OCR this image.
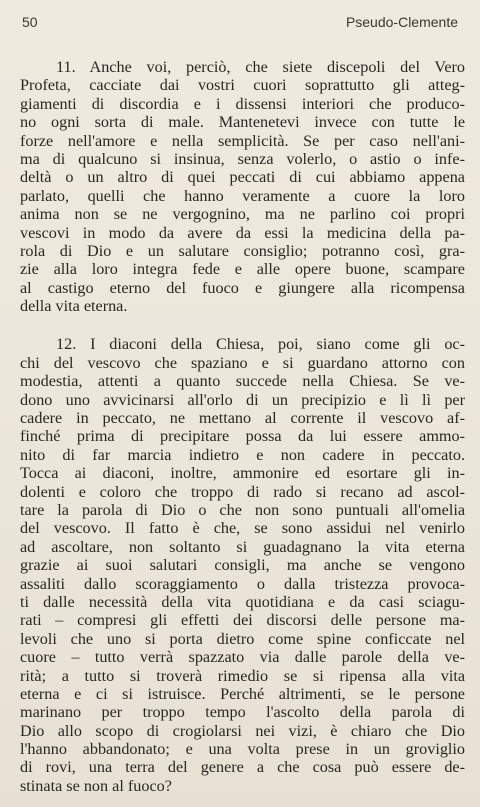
50	Pseudo-Clemente
11. Anche voi, perciò, che siete discepoli del Vero
Profeta, cacciate dai vostri cuori soprattutto gli atteg-
giamenti di discordia e i dissensi interiori che produco-
no ogni sorta di male. Mantenetevi invece con tutte le
forze nell'amore e nella semplicità. Se per caso nell'ani-
ma di qualcuno si insinua, senza volerlo, o astio o infe-
deltà o un altro di quei peccati di cui abbiamo appena
parlato, quelli che hanno veramente a cuore la loro
anima non se ne vergognino, ma ne parlino coi propri
vescovi in modo da avere da essi la medicina della pa-
rola di Dio e un salutare consiglio; potranno così, gra-
zie alla loro integra fede e alle opere buone, scampare
al castigo eterno del fuoco e giungere alla ricompensa
della vita eterna.
12. I diaconi della Chiesa, poi, siano come gli oc-
chi del vescovo che spaziano e si guardano attorno con
modestia, attenti a quanto succede nella Chiesa. Se ve-
dono uno avvicinarsi all'orlo di un precipizio e lì lì per
cadere in peccato, ne mettano al corrente il vescovo af-
finché prima di precipitare possa da lui essere ammo-
nito di far marcia indietro e non cadere in peccato.
Tocca ai diaconi, inoltre, ammonire ed esortare gli in-
dolenti e coloro che troppo di rado si recano ad ascol-
tare la parola di Dio o che non sono puntuali all'omelia
del vescovo. Il fatto è che, se sono assidui nel venirlo
ad ascoltare, non soltanto si guadagnano la vita eterna
grazie ai suoi salutari consigli, ma anche se vengono
assaliti dallo scoraggiamento o dalla tristezza provoca-
ti dalle necessità della vita quotidiana e da casi sciagu-
rati – compresi gli effetti dei discorsi delle persone ma-
levoli che uno si porta dietro come spine conficcate nel
cuore – tutto verrà spazzato via dalle parole della ve-
rità; a tutto si troverà rimedio se si ripensa alla vita
eterna e ci si istruisce. Perché altrimenti, se le persone
marinano per troppo tempo l'ascolto della parola di
Dio allo scopo di crogiolarsi nei vizi, è chiaro che Dio
l'hanno abbandonato; e una volta prese in un groviglio
di rovi, una terra del genere a che cosa può essere de-
stinata se non al fuoco?
